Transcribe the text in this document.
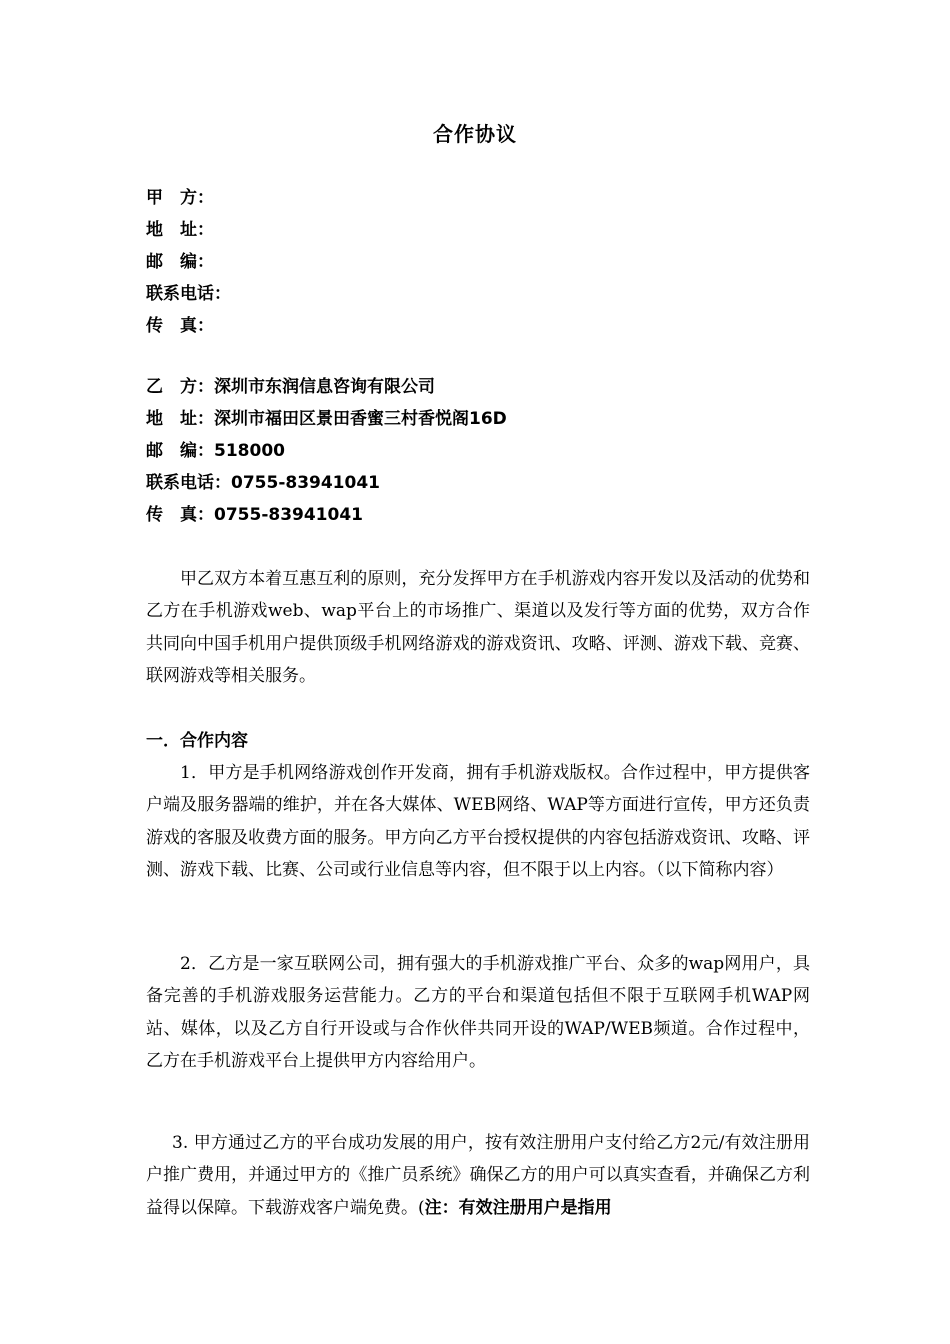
合作协议
甲　方：
地　址：
邮　编：
联系电话：
传　真：
乙　方：深圳市东润信息咨询有限公司
地　址：深圳市福田区景田香蜜三村香悦阁16D
邮　编：518000
联系电话：0755-83941041
传　真：0755-83941041
甲乙双方本着互惠互利的原则，充分发挥甲方在手机游戏内容开发以及活动的优势和乙方在手机游戏web、wap平台上的市场推广、渠道以及发行等方面的优势，双方合作共同向中国手机用户提供顶级手机网络游戏的游戏资讯、攻略、评测、游戏下载、竞赛、联网游戏等相关服务。
一．合作内容
1．甲方是手机网络游戏创作开发商，拥有手机游戏版权。合作过程中，甲方提供客户端及服务器端的维护，并在各大媒体、WEB网络、WAP等方面进行宣传，甲方还负责游戏的客服及收费方面的服务。甲方向乙方平台授权提供的内容包括游戏资讯、攻略、评测、游戏下载、比赛、公司或行业信息等内容，但不限于以上内容。（以下简称内容）
2．乙方是一家互联网公司，拥有强大的手机游戏推广平台、众多的wap网用户，具备完善的手机游戏服务运营能力。乙方的平台和渠道包括但不限于互联网手机WAP网站、媒体，以及乙方自行开设或与合作伙伴共同开设的WAP/WEB频道。合作过程中，乙方在手机游戏平台上提供甲方内容给用户。
3. 甲方通过乙方的平台成功发展的用户，按有效注册用户支付给乙方2元/有效注册用户推广费用，并通过甲方的《推广员系统》确保乙方的用户可以真实查看，并确保乙方利益得以保障。下载游戏客户端免费。(注：有效注册用户是指用
